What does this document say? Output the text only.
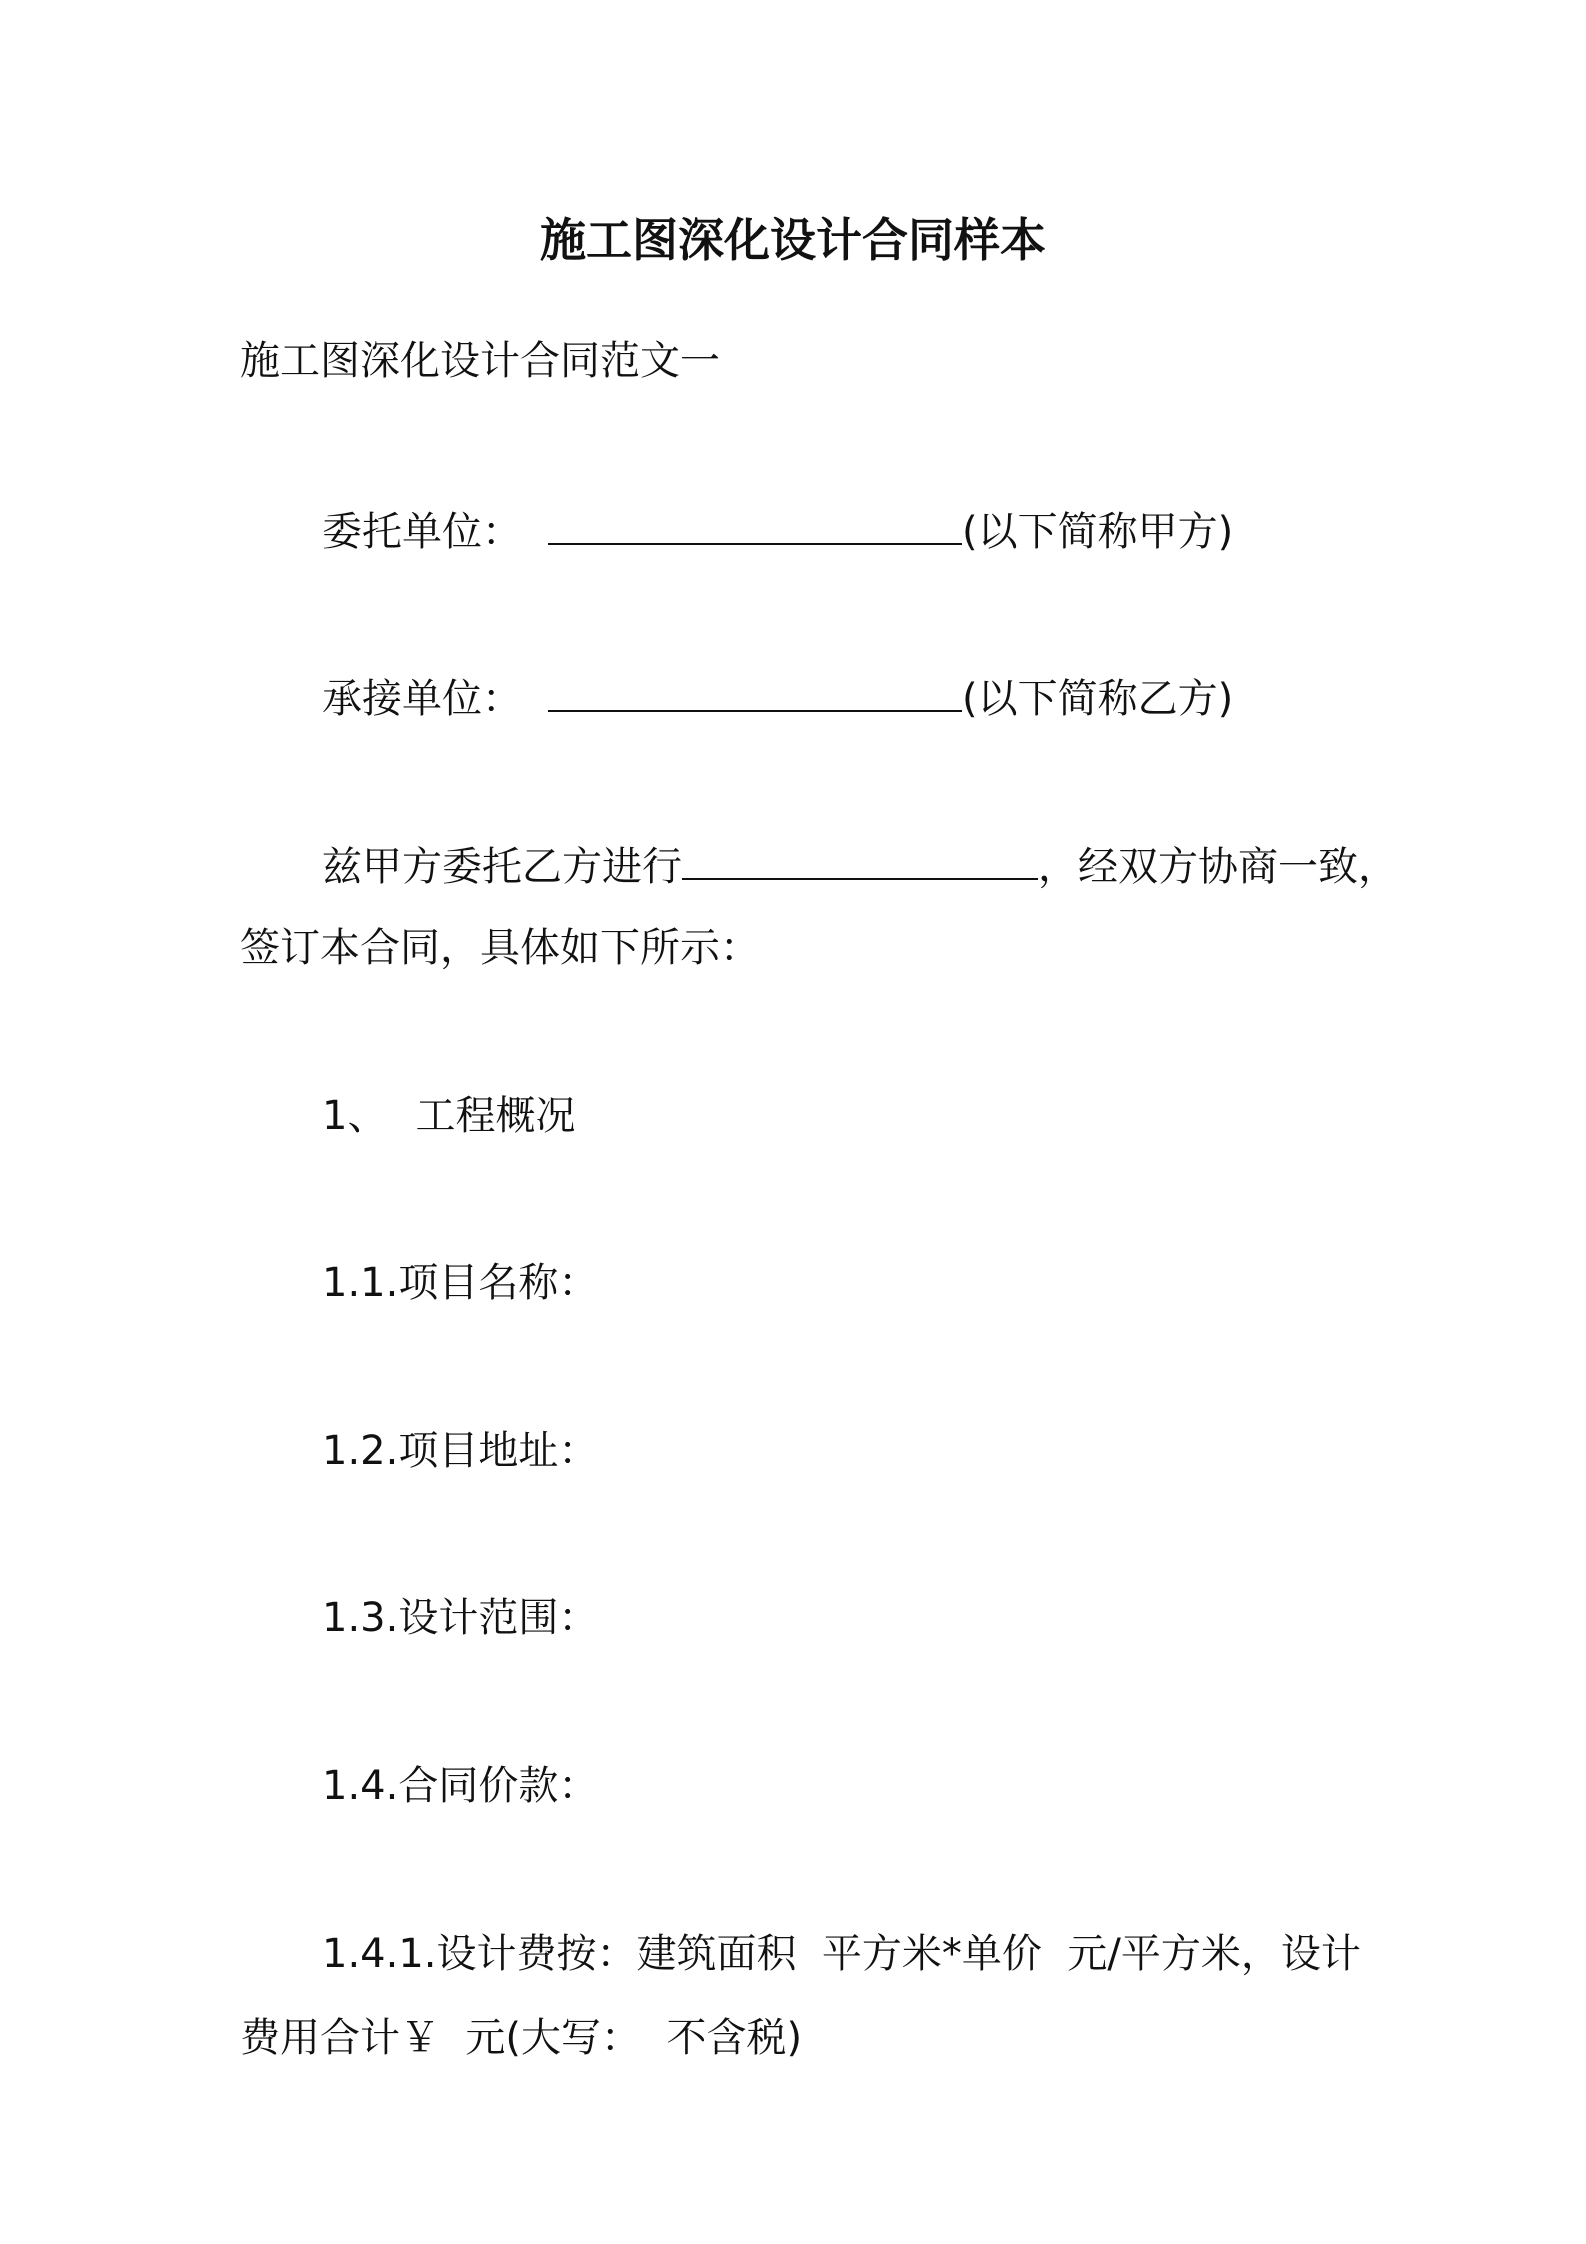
施工图深化设计合同样本
施工图深化设计合同范文一
委托单位：	(以下简称甲方)
承接单位：	(以下简称乙方)
兹甲方委托乙方进行	，经双方协商一致，
签订本合同，具体如下所示：
1、 工程概况
1.1.项目名称：
1.2.项目地址：
1.3.设计范围：
1.4.合同价款：
1.4.1.设计费按：建筑面积  平方米*单价  元/平方米，设计
费用合计￥  元(大写：  不含税)
